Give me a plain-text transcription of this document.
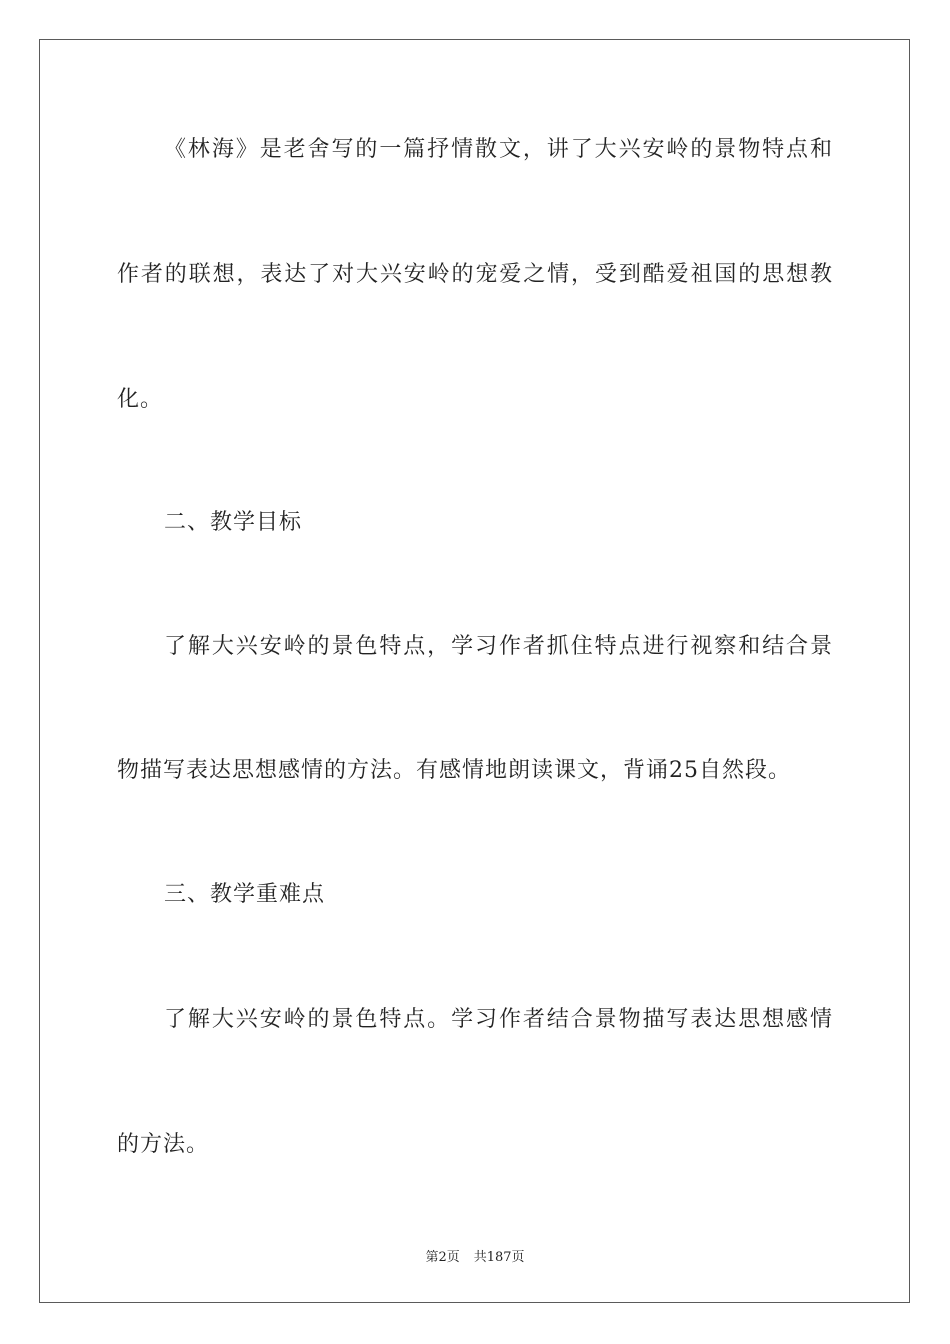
《林海》是老舍写的一篇抒情散文，讲了大兴安岭的景物特点和
作者的联想，表达了对大兴安岭的宠爱之情，受到酷爱祖国的思想教
化。
二、教学目标
了解大兴安岭的景色特点，学习作者抓住特点进行视察和结合景
物描写表达思想感情的方法。有感情地朗读课文，背诵25自然段。
三、教学重难点
了解大兴安岭的景色特点。学习作者结合景物描写表达思想感情
的方法。
第2页 共187页
